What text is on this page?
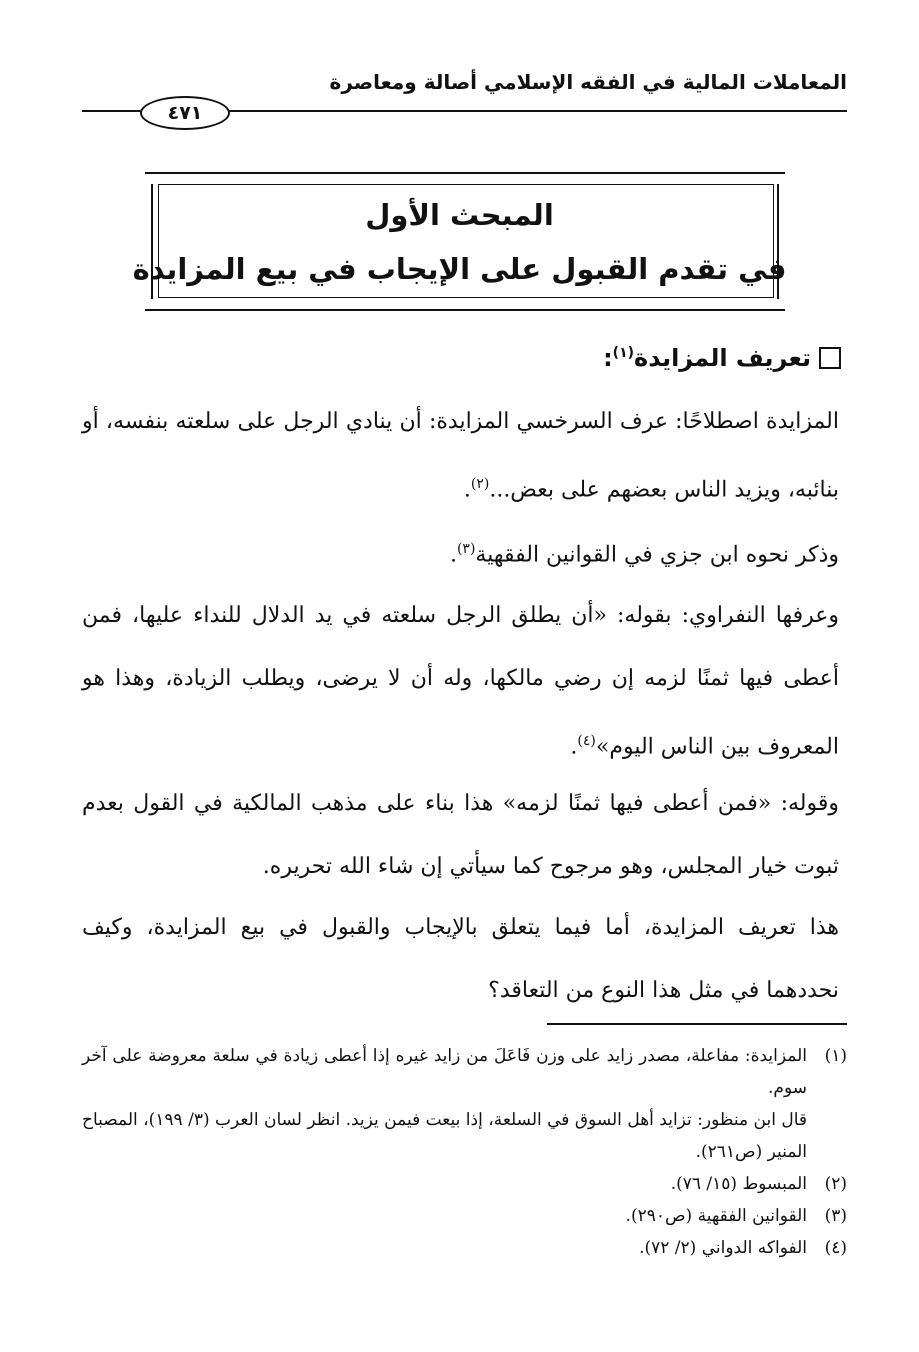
المعاملات المالية في الفقه الإسلامي أصالة ومعاصرة
٤٧١
المبحث الأول
في تقدم القبول على الإيجاب في بيع المزايدة
تعريف المزايدة$^{(١)}$:
المزايدة اصطلاحًا: عرف السرخسي المزايدة: أن ينادي الرجل على سلعته بنفسه، أو بنائبه، ويزيد الناس بعضهم على بعض...$^{(٢)}$.
وذكر نحوه ابن جزي في القوانين الفقهية$^{(٣)}$.
وعرفها النفراوي: بقوله: «أن يطلق الرجل سلعته في يد الدلال للنداء عليها، فمن أعطى فيها ثمنًا لزمه إن رضي مالكها، وله أن لا يرضى، ويطلب الزيادة، وهذا هو المعروف بين الناس اليوم»$^{(٤)}$.
وقوله: «فمن أعطى فيها ثمنًا لزمه» هذا بناء على مذهب المالكية في القول بعدم ثبوت خيار المجلس، وهو مرجوح كما سيأتي إن شاء الله تحريره.
هذا تعريف المزايدة، أما فيما يتعلق بالإيجاب والقبول في بيع المزايدة، وكيف نحددهما في مثل هذا النوع من التعاقد؟
(١)
المزايدة: مفاعلة، مصدر زايد على وزن فَاعَلَ من زايد غيره إذا أعطى زيادة في سلعة معروضة على آخر سوم.
قال ابن منظور: تزايد أهل السوق في السلعة، إذا بيعت فيمن يزيد. انظر لسان العرب (٣/ ١٩٩)، المصباح المنير (ص٢٦١).
(٢)
المبسوط (١٥/ ٧٦).
(٣)
القوانين الفقهية (ص٢٩٠).
(٤)
الفواكه الدواني (٢/ ٧٢).
